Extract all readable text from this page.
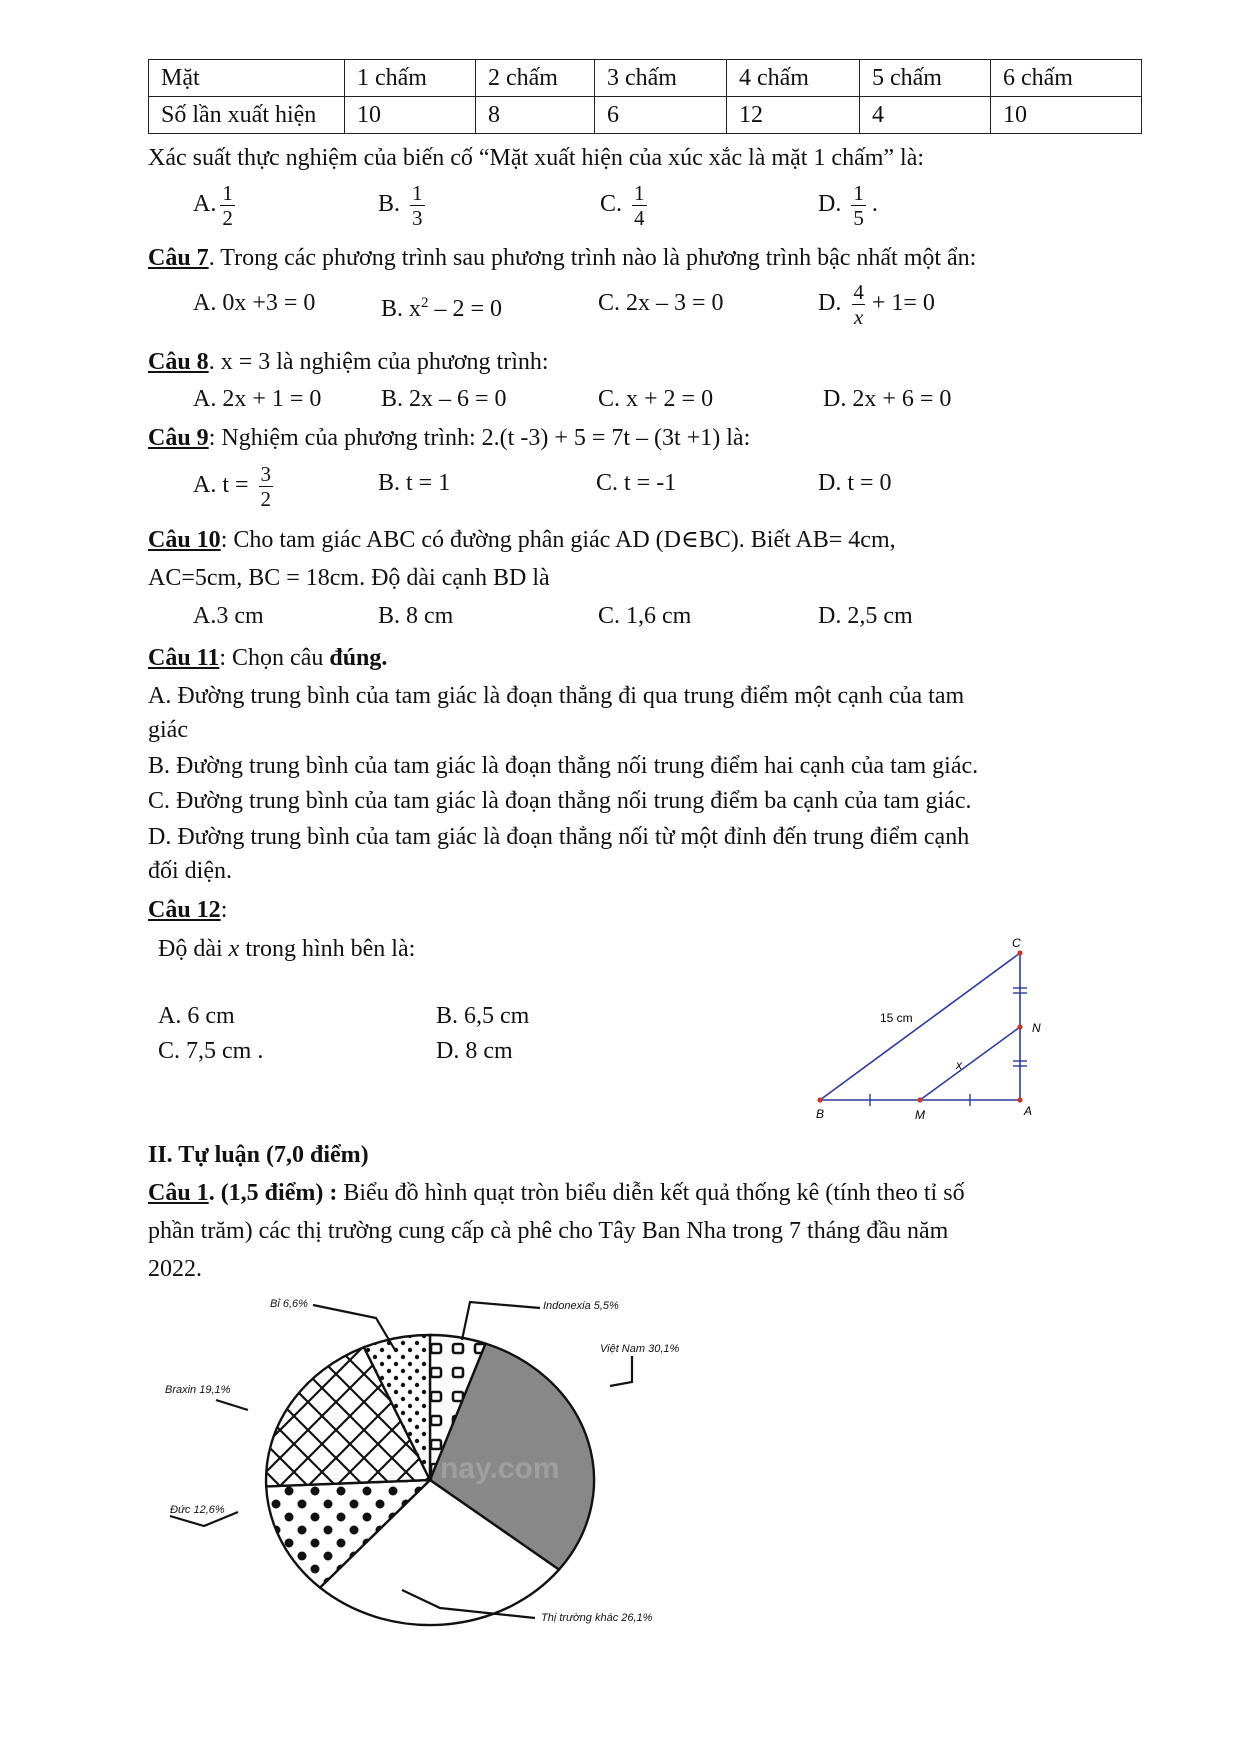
Mặt	1 chấm	2 chấm	3 chấm	4 chấm	5 chấm	6 chấm
Số lần xuất hiện	10	8	6	12	4	10
Xác suất thực nghiệm của biến cố “Mặt xuất hiện của xúc xắc là mặt 1 chấm” là:
A. $\frac{1}{2}$	B. $\frac{1}{3}$	C. $\frac{1}{4}$	D. $\frac{1}{5}$ .
Câu 7. Trong các phương trình sau phương trình nào là phương trình bậc nhất một ẩn:
A. 0x +3 = 0	B. $x^2 - 2 = 0$	C. 2x – 3 = 0	D. $\frac{4}{x} + 1= 0$
Câu 8. x = 3 là nghiệm của phương trình:
A. 2x + 1 = 0 B. 2x – 6 = 0	C. x + 2 = 0	D. 2x + 6 = 0
Câu 9: Nghiệm của phương trình: 2.(t -3) + 5 = 7t – (3t +1) là:
A. $t = \frac{3}{2}$	B. t = 1	C. t = -1	D. t = 0
Câu 10: Cho tam giác ABC có đường phân giác AD (D∈BC). Biết AB= 4cm,
AC=5cm, BC = 18cm. Độ dài cạnh BD là
A.3 cm	B. 8 cm	C. 1,6 cm	D. 2,5 cm
Câu 11: Chọn câu đúng.
A. Đường trung bình của tam giác là đoạn thẳng đi qua trung điểm một cạnh của tam
giác
B. Đường trung bình của tam giác là đoạn thẳng nối trung điểm hai cạnh của tam giác.
C. Đường trung bình của tam giác là đoạn thẳng nối trung điểm ba cạnh của tam giác.
D. Đường trung bình của tam giác là đoạn thẳng nối từ một đỉnh đến trung điểm cạnh
đối diện.
Câu 12:
Độ dài x trong hình bên là:
A. 6 cm	B. 6,5 cm
C. 7,5 cm .	D. 8 cm
C
N
B	M	A
15 cm
x
II. Tự luận (7,0 điểm)
Câu 1. (1,5 điểm) : Biểu đồ hình quạt tròn biểu diễn kết quả thống kê (tính theo tỉ số
phần trăm) các thị trường cung cấp cà phê cho Tây Ban Nha trong 7 tháng đầu năm
2022.
nay.com
Indonexia 5,5%
Việt Nam 30,1%
Thị trường khác 26,1%
Đức 12,6%
Braxin 19,1%
Bỉ 6,6%
